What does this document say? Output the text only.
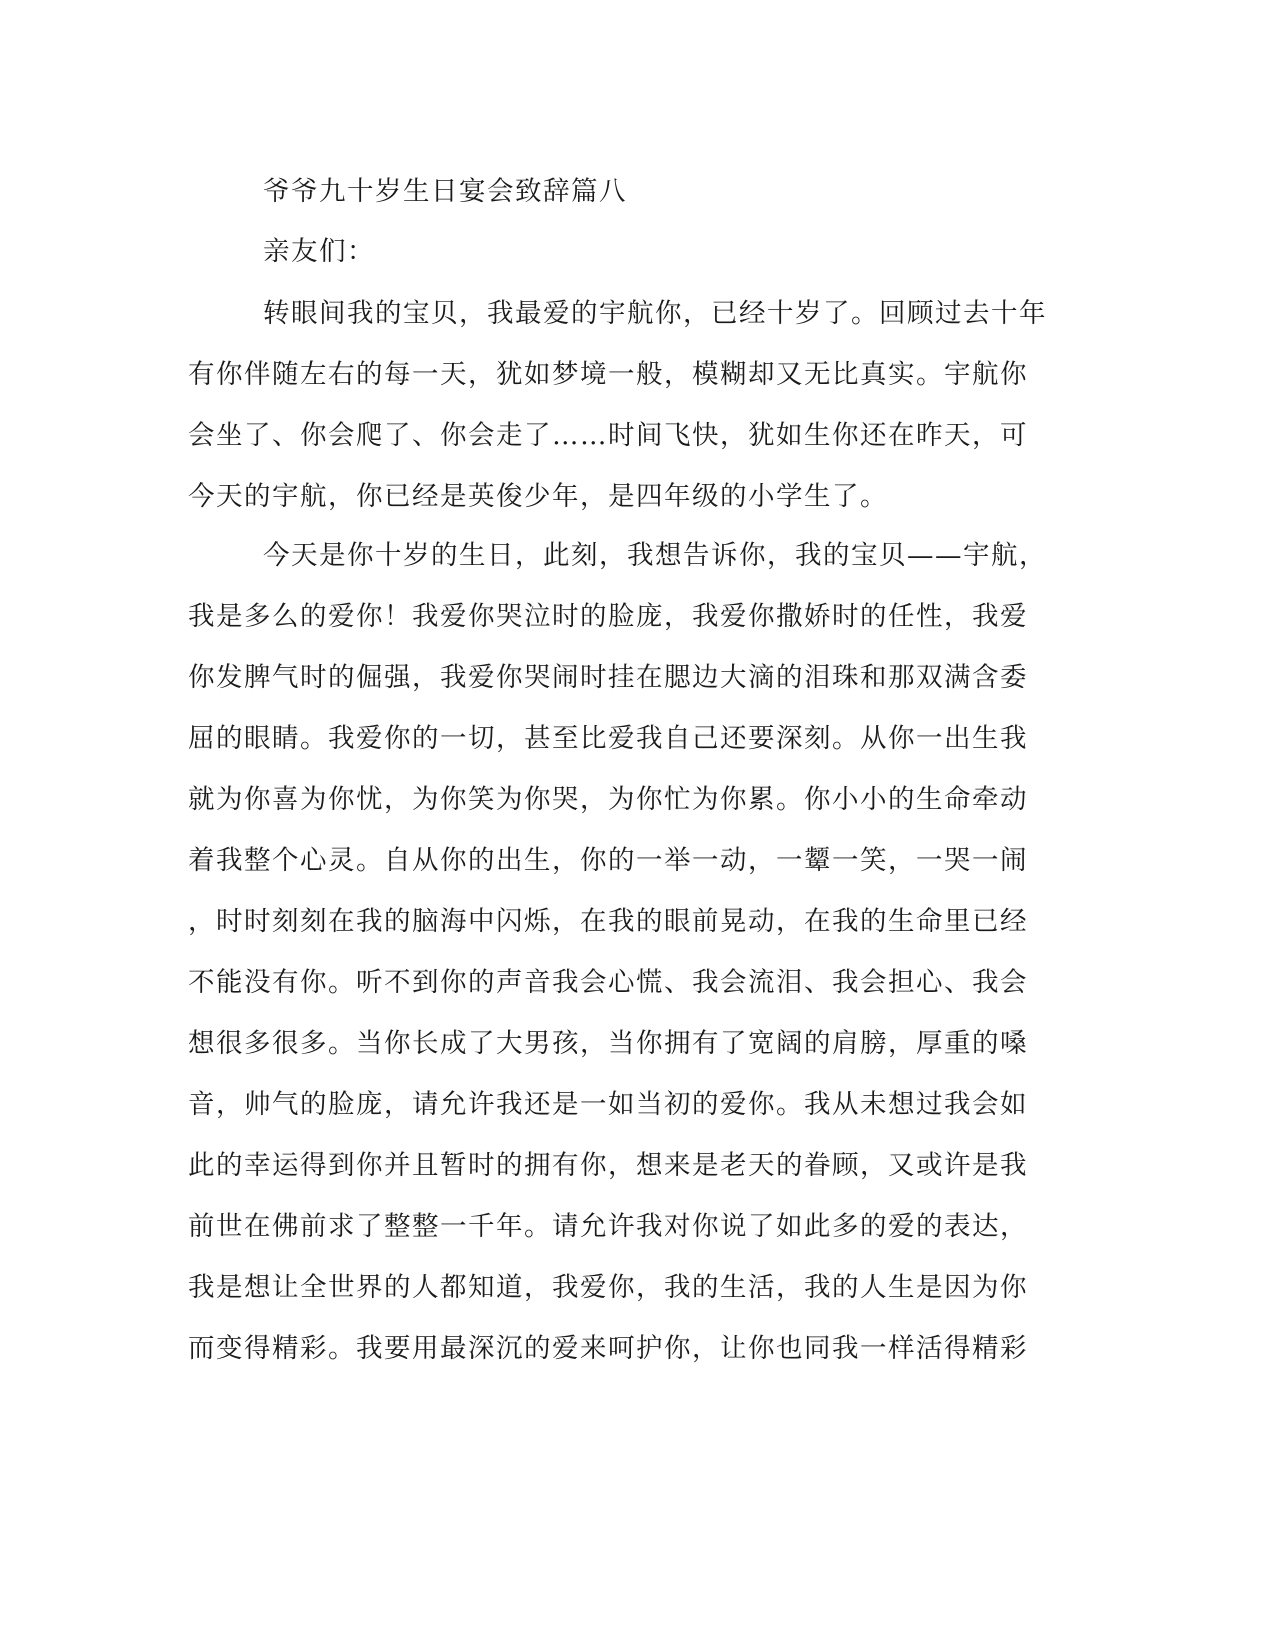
爷爷九十岁生日宴会致辞篇八
亲友们：
转眼间我的宝贝，我最爱的宇航你，已经十岁了。回顾过去十年
有你伴随左右的每一天，犹如梦境一般，模糊却又无比真实。宇航你
会坐了、你会爬了、你会走了……时间飞快，犹如生你还在昨天，可
今天的宇航，你已经是英俊少年，是四年级的小学生了。
今天是你十岁的生日，此刻，我想告诉你，我的宝贝——宇航，
我是多么的爱你！我爱你哭泣时的脸庞，我爱你撒娇时的任性，我爱
你发脾气时的倔强，我爱你哭闹时挂在腮边大滴的泪珠和那双满含委
屈的眼睛。我爱你的一切，甚至比爱我自己还要深刻。从你一出生我
就为你喜为你忧，为你笑为你哭，为你忙为你累。你小小的生命牵动
着我整个心灵。自从你的出生，你的一举一动，一颦一笑，一哭一闹
，时时刻刻在我的脑海中闪烁，在我的眼前晃动，在我的生命里已经
不能没有你。听不到你的声音我会心慌、我会流泪、我会担心、我会
想很多很多。当你长成了大男孩，当你拥有了宽阔的肩膀，厚重的嗓
音，帅气的脸庞，请允许我还是一如当初的爱你。我从未想过我会如
此的幸运得到你并且暂时的拥有你，想来是老天的眷顾，又或许是我
前世在佛前求了整整一千年。请允许我对你说了如此多的爱的表达，
我是想让全世界的人都知道，我爱你，我的生活，我的人生是因为你
而变得精彩。我要用最深沉的爱来呵护你，让你也同我一样活得精彩
